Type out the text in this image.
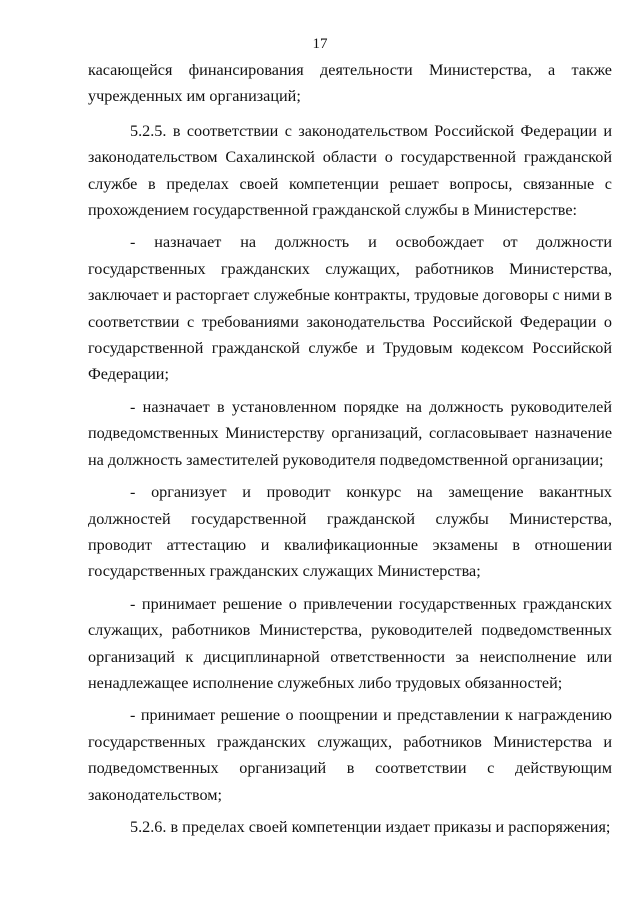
17

касающейся финансирования деятельности Министерства, а также учрежденных им организаций;

5.2.5. в соответствии с законодательством Российской Федерации и законодательством Сахалинской области о государственной гражданской службе в пределах своей компетенции решает вопросы, связанные с прохождением государственной гражданской службы в Министерстве:

- назначает на должность и освобождает от должности государственных гражданских служащих, работников Министерства, заключает и расторгает служебные контракты, трудовые договоры с ними в соответствии с требованиями законодательства Российской Федерации о государственной гражданской службе и Трудовым кодексом Российской Федерации;

- назначает в установленном порядке на должность руководителей подведомственных Министерству организаций, согласовывает назначение на должность заместителей руководителя подведомственной организации;

- организует и проводит конкурс на замещение вакантных должностей государственной гражданской службы Министерства, проводит аттестацию и квалификационные экзамены в отношении государственных гражданских служащих Министерства;

- принимает решение о привлечении государственных гражданских служащих, работников Министерства, руководителей подведомственных организаций к дисциплинарной ответственности за неисполнение или ненадлежащее исполнение служебных либо трудовых обязанностей;

- принимает решение о поощрении и представлении к награждению государственных гражданских служащих, работников Министерства и подведомственных организаций в соответствии с действующим законодательством;

5.2.6. в пределах своей компетенции издает приказы и распоряжения;
